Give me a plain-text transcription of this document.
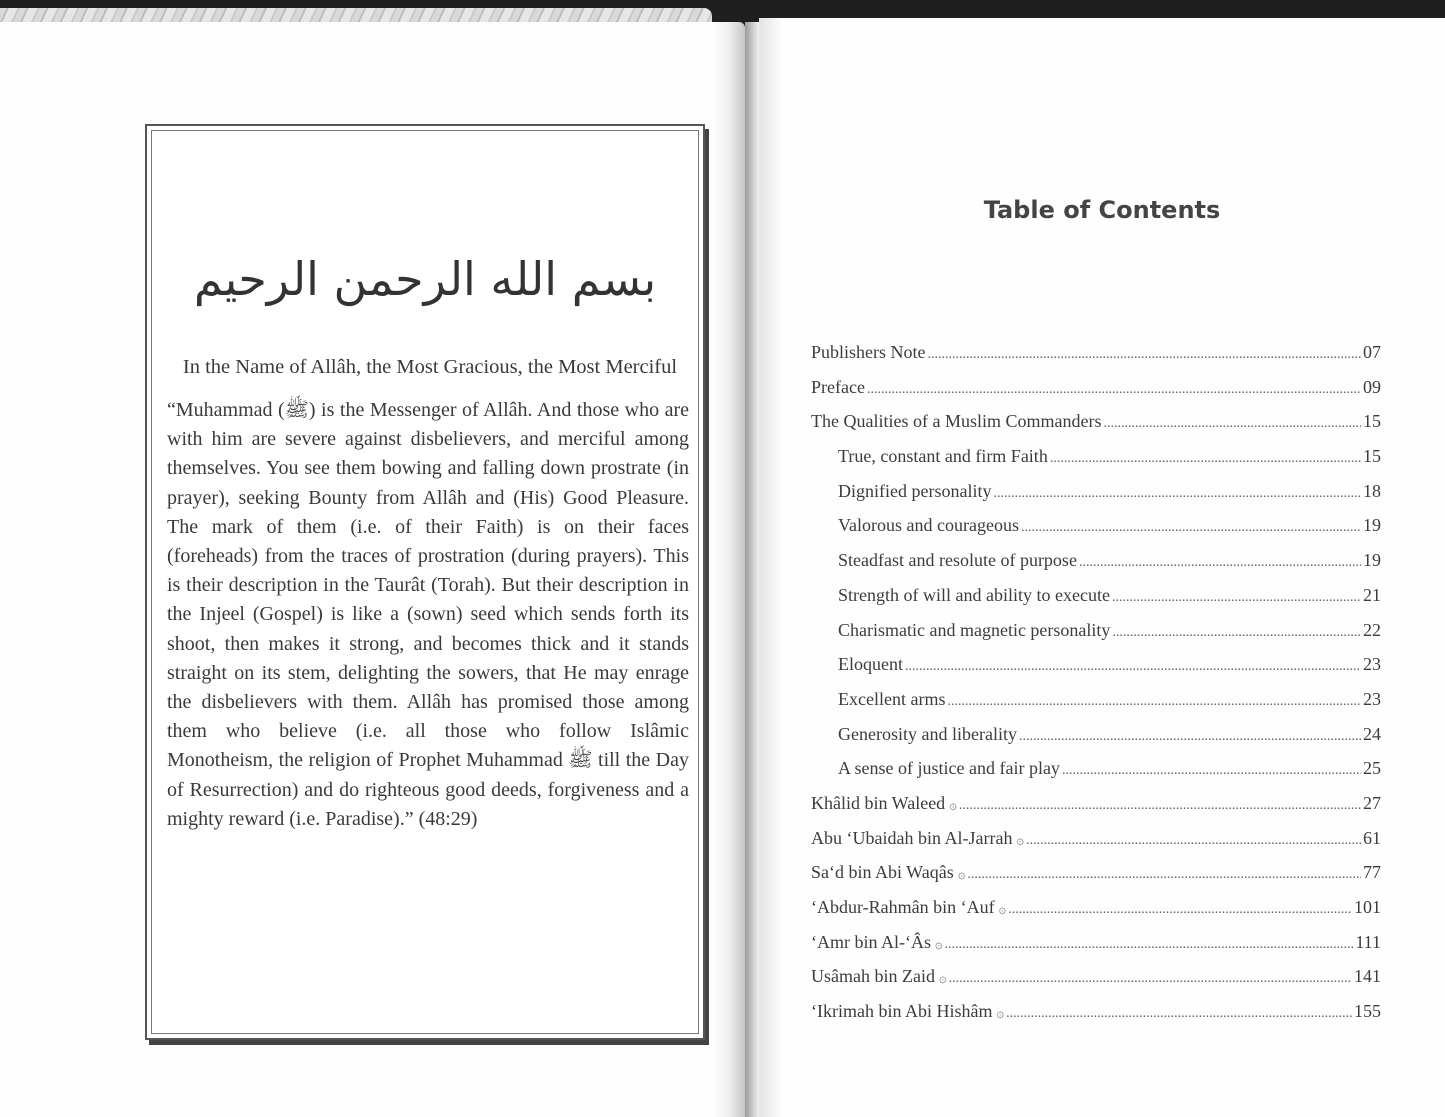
بسم الله الرحمن الرحيم
In the Name of Allâh, the Most Gracious, the Most Merciful
“Muhammad (ﷺ) is the Messenger of Allâh. And those who are with him are severe against disbelievers, and merciful among themselves. You see them bowing and falling down prostrate (in prayer), seeking Bounty from Allâh and (His) Good Pleasure. The mark of them (i.e. of their Faith) is on their faces (foreheads) from the traces of prostration (during prayers). This is their description in the Taurât (Torah). But their description in the Injeel (Gospel) is like a (sown) seed which sends forth its shoot, then makes it strong, and becomes thick and it stands straight on its stem, delighting the sowers, that He may enrage the disbelievers with them. Allâh has promised those among them who believe (i.e. all those who follow Islâmic Monotheism, the religion of Prophet Muhammad ﷺ till the Day of Resurrection) and do righteous good deeds, forgiveness and a mighty reward (i.e. Paradise).” (48:29)
Table of Contents
Publishers Note .....	07
Preface .....	09
The Qualities of a Muslim Commanders .....	15
True, constant and firm Faith .....	15
Dignified personality .....	18
Valorous and courageous .....	19
Steadfast and resolute of purpose .....	19
Strength of will and ability to execute .....	21
Charismatic and magnetic personality .....	22
Eloquent .....	23
Excellent arms .....	23
Generosity and liberality .....	24
A sense of justice and fair play .....	25
Khâlid bin Waleed ۞ .....	27
Abu ‘Ubaidah bin Al-Jarrah ۞ .....	61
Sa‘d bin Abi Waqâs ۞ .....	77
‘Abdur-Rahmân bin ‘Auf ۞ .....	101
‘Amr bin Al-‘Âs ۞ .....	111
Usâmah bin Zaid ۞ .....	141
‘Ikrimah bin Abi Hishâm ۞ .....	155
